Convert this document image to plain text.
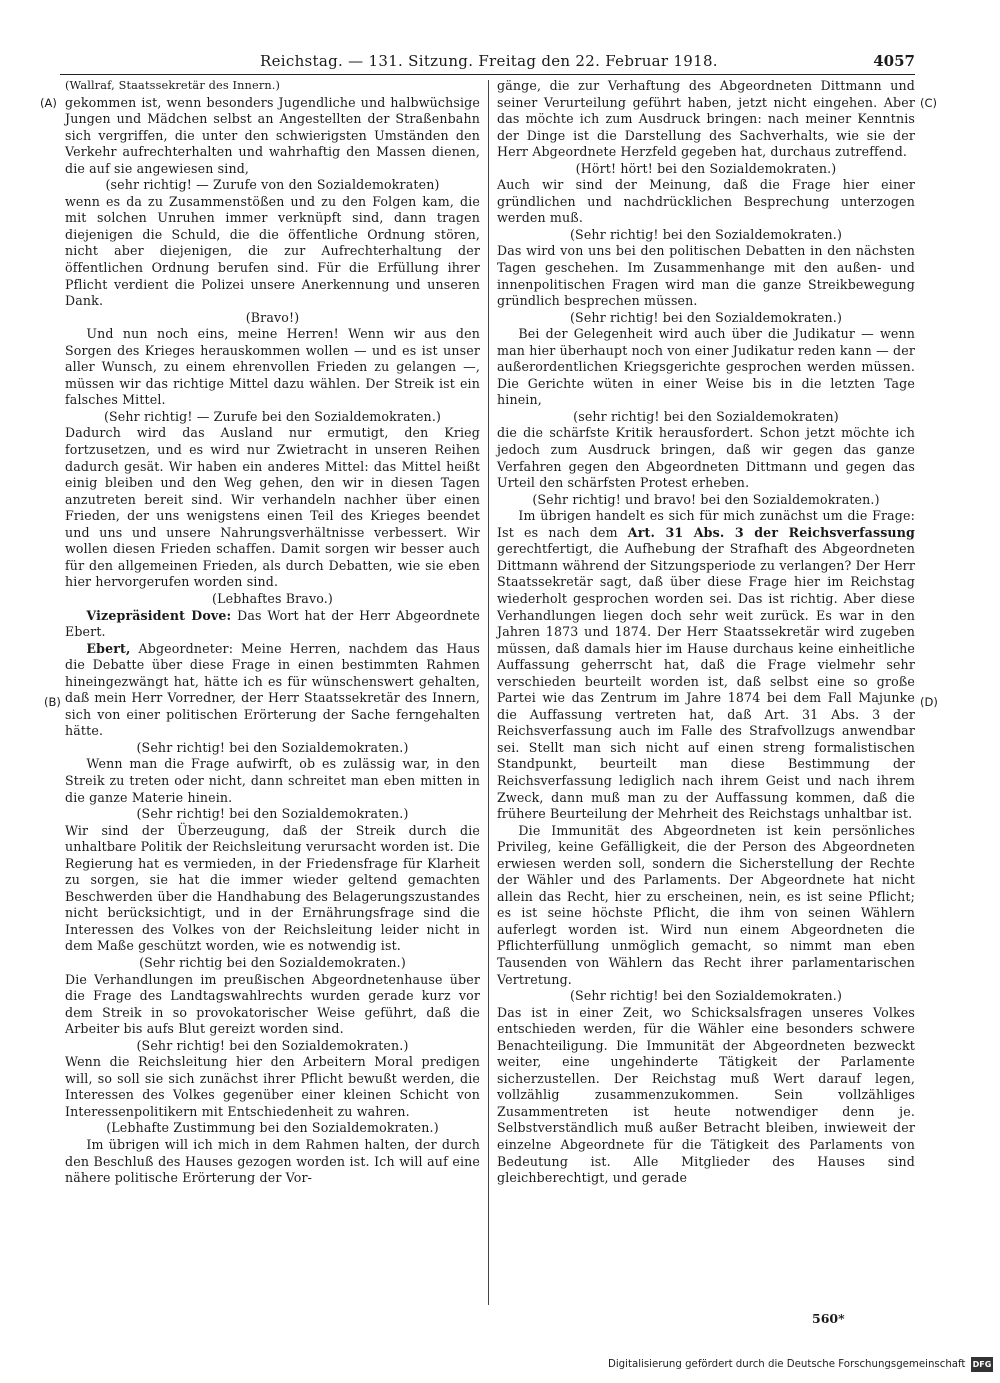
Reichstag. — 131. Sitzung. Freitag den 22. Februar 1918.	4057
(A)
(B)
(C)
(D)

(Wallraf, Staatssekretär des Innern.)

gekommen ist, wenn besonders Jugendliche und halbwüchsige Jungen und Mädchen selbst an Angestellten der Straßenbahn sich vergriffen, die unter den schwierigsten Umständen den Verkehr aufrechterhalten und wahrhaftig den Massen dienen, die auf sie angewiesen sind,

(sehr richtig! — Zurufe von den Sozialdemokraten)

wenn es da zu Zusammenstößen und zu den Folgen kam, die mit solchen Unruhen immer verknüpft sind, dann tragen diejenigen die Schuld, die die öffentliche Ordnung stören, nicht aber diejenigen, die zur Aufrechterhaltung der öffentlichen Ordnung berufen sind. Für die Erfüllung ihrer Pflicht verdient die Polizei unsere Anerkennung und unseren Dank.

(Bravo!)

Und nun noch eins, meine Herren! Wenn wir aus den Sorgen des Krieges herauskommen wollen — und es ist unser aller Wunsch, zu einem ehrenvollen Frieden zu gelangen —, müssen wir das richtige Mittel dazu wählen. Der Streik ist ein falsches Mittel.

(Sehr richtig! — Zurufe bei den Sozialdemokraten.)

Dadurch wird das Ausland nur ermutigt, den Krieg fortzusetzen, und es wird nur Zwietracht in unseren Reihen dadurch gesät. Wir haben ein anderes Mittel: das Mittel heißt einig bleiben und den Weg gehen, den wir in diesen Tagen anzutreten bereit sind. Wir verhandeln nachher über einen Frieden, der uns wenigstens einen Teil des Krieges beendet und uns und unsere Nahrungsverhältnisse verbessert. Wir wollen diesen Frieden schaffen. Damit sorgen wir besser auch für den allgemeinen Frieden, als durch Debatten, wie sie eben hier hervorgerufen worden sind.

(Lebhaftes Bravo.)

Vizepräsident Dove: Das Wort hat der Herr Abgeordnete Ebert.

Ebert, Abgeordneter: Meine Herren, nachdem das Haus die Debatte über diese Frage in einen bestimmten Rahmen hineingezwängt hat, hätte ich es für wünschenswert gehalten, daß mein Herr Vorredner, der Herr Staatssekretär des Innern, sich von einer politischen Erörterung der Sache ferngehalten hätte.

(Sehr richtig! bei den Sozialdemokraten.)

Wenn man die Frage aufwirft, ob es zulässig war, in den Streik zu treten oder nicht, dann schreitet man eben mitten in die ganze Materie hinein.

(Sehr richtig! bei den Sozialdemokraten.)

Wir sind der Überzeugung, daß der Streik durch die unhaltbare Politik der Reichsleitung verursacht worden ist. Die Regierung hat es vermieden, in der Friedensfrage für Klarheit zu sorgen, sie hat die immer wieder geltend gemachten Beschwerden über die Handhabung des Belagerungszustandes nicht berücksichtigt, und in der Ernährungsfrage sind die Interessen des Volkes von der Reichsleitung leider nicht in dem Maße geschützt worden, wie es notwendig ist.

(Sehr richtig bei den Sozialdemokraten.)

Die Verhandlungen im preußischen Abgeordnetenhause über die Frage des Landtagswahlrechts wurden gerade kurz vor dem Streik in so provokatorischer Weise geführt, daß die Arbeiter bis aufs Blut gereizt worden sind.

(Sehr richtig! bei den Sozialdemokraten.)

Wenn die Reichsleitung hier den Arbeitern Moral predigen will, so soll sie sich zunächst ihrer Pflicht bewußt werden, die Interessen des Volkes gegenüber einer kleinen Schicht von Interessenpolitikern mit Entschiedenheit zu wahren.

(Lebhafte Zustimmung bei den Sozialdemokraten.)

Im übrigen will ich mich in dem Rahmen halten, der durch den Beschluß des Hauses gezogen worden ist. Ich will auf eine nähere politische Erörterung der Vor-

gänge, die zur Verhaftung des Abgeordneten Dittmann und seiner Verurteilung geführt haben, jetzt nicht eingehen. Aber das möchte ich zum Ausdruck bringen: nach meiner Kenntnis der Dinge ist die Darstellung des Sachverhalts, wie sie der Herr Abgeordnete Herzfeld gegeben hat, durchaus zutreffend.

(Hört! hört! bei den Sozialdemokraten.)

Auch wir sind der Meinung, daß die Frage hier einer gründlichen und nachdrücklichen Besprechung unterzogen werden muß.

(Sehr richtig! bei den Sozialdemokraten.)

Das wird von uns bei den politischen Debatten in den nächsten Tagen geschehen. Im Zusammenhange mit den außen- und innenpolitischen Fragen wird man die ganze Streikbewegung gründlich besprechen müssen.

(Sehr richtig! bei den Sozialdemokraten.)

Bei der Gelegenheit wird auch über die Judikatur — wenn man hier überhaupt noch von einer Judikatur reden kann — der außerordentlichen Kriegsgerichte gesprochen werden müssen. Die Gerichte wüten in einer Weise bis in die letzten Tage hinein,

(sehr richtig! bei den Sozialdemokraten)

die die schärfste Kritik herausfordert. Schon jetzt möchte ich jedoch zum Ausdruck bringen, daß wir gegen das ganze Verfahren gegen den Abgeordneten Dittmann und gegen das Urteil den schärfsten Protest erheben.

(Sehr richtig! und bravo! bei den Sozialdemokraten.)

Im übrigen handelt es sich für mich zunächst um die Frage: Ist es nach dem Art. 31 Abs. 3 der Reichsverfassung gerechtfertigt, die Aufhebung der Strafhaft des Abgeordneten Dittmann während der Sitzungsperiode zu verlangen? Der Herr Staatssekretär sagt, daß über diese Frage hier im Reichstag wiederholt gesprochen worden sei. Das ist richtig. Aber diese Verhandlungen liegen doch sehr weit zurück. Es war in den Jahren 1873 und 1874. Der Herr Staatssekretär wird zugeben müssen, daß damals hier im Hause durchaus keine einheitliche Auffassung geherrscht hat, daß die Frage vielmehr sehr verschieden beurteilt worden ist, daß selbst eine so große Partei wie das Zentrum im Jahre 1874 bei dem Fall Majunke die Auffassung vertreten hat, daß Art. 31 Abs. 3 der Reichsverfassung auch im Falle des Strafvollzugs anwendbar sei. Stellt man sich nicht auf einen streng formalistischen Standpunkt, beurteilt man diese Bestimmung der Reichsverfassung lediglich nach ihrem Geist und nach ihrem Zweck, dann muß man zu der Auffassung kommen, daß die frühere Beurteilung der Mehrheit des Reichstags unhaltbar ist.

Die Immunität des Abgeordneten ist kein persönliches Privileg, keine Gefälligkeit, die der Person des Abgeordneten erwiesen werden soll, sondern die Sicherstellung der Rechte der Wähler und des Parlaments. Der Abgeordnete hat nicht allein das Recht, hier zu erscheinen, nein, es ist seine Pflicht; es ist seine höchste Pflicht, die ihm von seinen Wählern auferlegt worden ist. Wird nun einem Abgeordneten die Pflichterfüllung unmöglich gemacht, so nimmt man eben Tausenden von Wählern das Recht ihrer parlamentarischen Vertretung.

(Sehr richtig! bei den Sozialdemokraten.)

Das ist in einer Zeit, wo Schicksalsfragen unseres Volkes entschieden werden, für die Wähler eine besonders schwere Benachteiligung. Die Immunität der Abgeordneten bezweckt weiter, eine ungehinderte Tätigkeit der Parlamente sicherzustellen. Der Reichstag muß Wert darauf legen, vollzählig zusammenzukommen. Sein vollzähliges Zusammentreten ist heute notwendiger denn je. Selbstverständlich muß außer Betracht bleiben, inwieweit der einzelne Abgeordnete für die Tätigkeit des Parlaments von Bedeutung ist. Alle Mitglieder des Hauses sind gleichberechtigt, und gerade

560*
Digitalisierung gefördert durch die Deutsche Forschungsgemeinschaft DFG
